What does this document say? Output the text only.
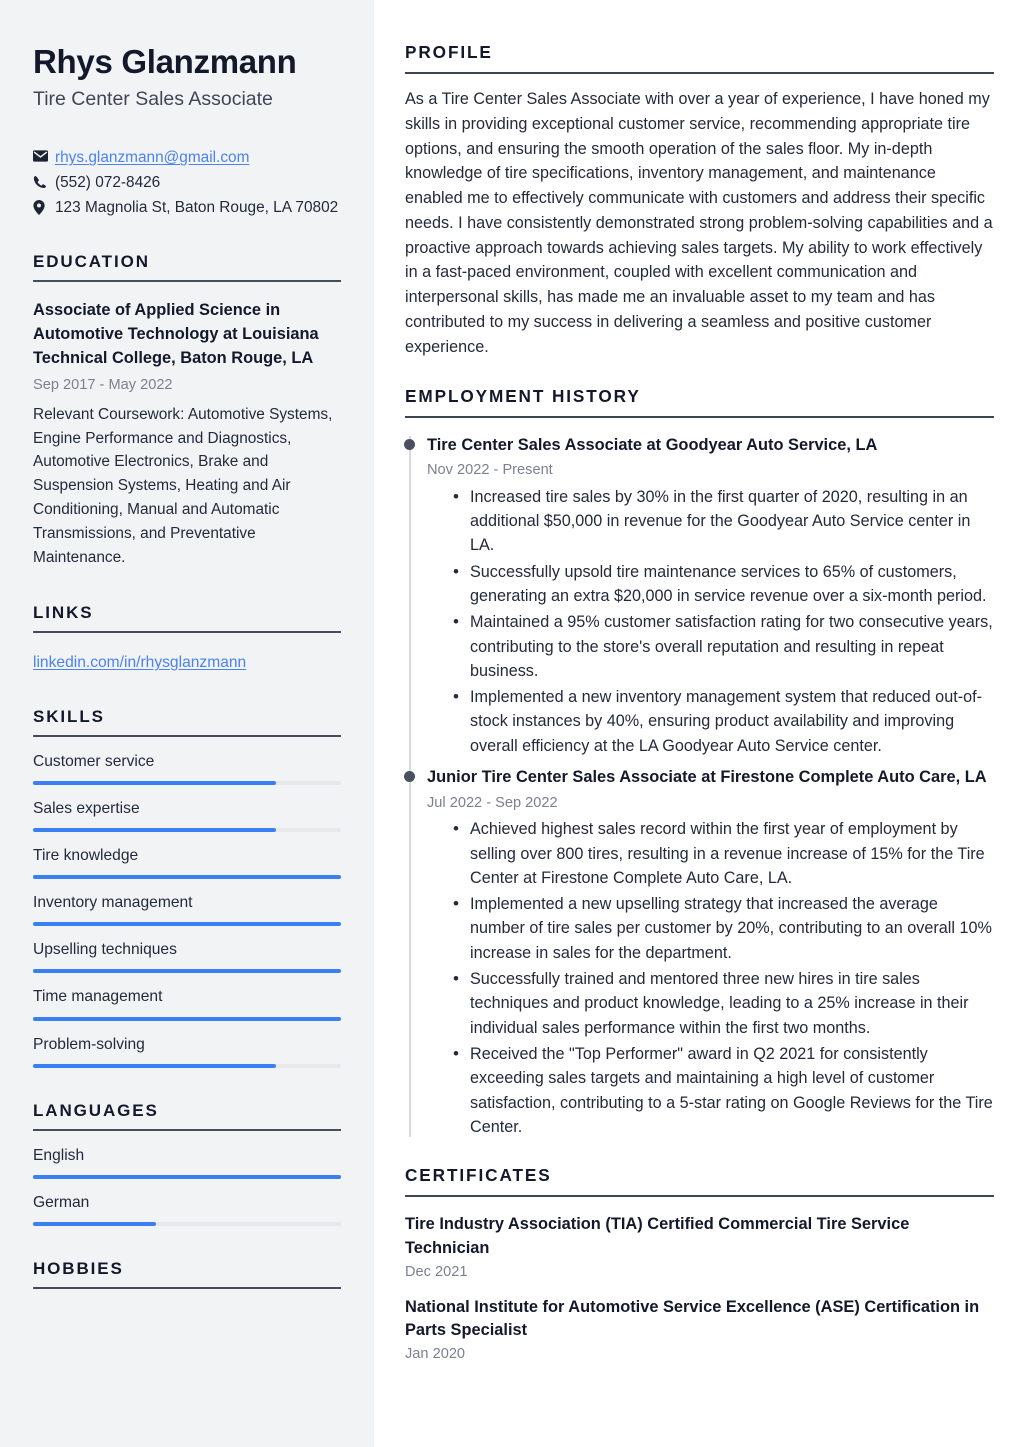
Rhys Glanzmann
Tire Center Sales Associate
rhys.glanzmann@gmail.com
(552) 072-8426
123 Magnolia St, Baton Rouge, LA 70802
EDUCATION
Associate of Applied Science in Automotive Technology at Louisiana Technical College, Baton Rouge, LA
Sep 2017 - May 2022
Relevant Coursework: Automotive Systems, Engine Performance and Diagnostics, Automotive Electronics, Brake and Suspension Systems, Heating and Air Conditioning, Manual and Automatic Transmissions, and Preventative Maintenance.
LINKS
linkedin.com/in/rhysglanzmann
SKILLS
Customer service
Sales expertise
Tire knowledge
Inventory management
Upselling techniques
Time management
Problem-solving
LANGUAGES
English
German
HOBBIES
PROFILE

As a Tire Center Sales Associate with over a year of experience, I have honed my skills in providing exceptional customer service, recommending appropriate tire options, and ensuring the smooth operation of the sales floor. My in-depth knowledge of tire specifications, inventory management, and maintenance enabled me to effectively communicate with customers and address their specific needs. I have consistently demonstrated strong problem-solving capabilities and a proactive approach towards achieving sales targets. My ability to work effectively in a fast-paced environment, coupled with excellent communication and interpersonal skills, has made me an invaluable asset to my team and has contributed to my success in delivering a seamless and positive customer experience.

EMPLOYMENT HISTORY
Tire Center Sales Associate at Goodyear Auto Service, LA
Nov 2022 - Present
• Increased tire sales by 30% in the first quarter of 2020, resulting in an additional $50,000 in revenue for the Goodyear Auto Service center in LA.
• Successfully upsold tire maintenance services to 65% of customers, generating an extra $20,000 in service revenue over a six-month period.
• Maintained a 95% customer satisfaction rating for two consecutive years, contributing to the store's overall reputation and resulting in repeat business.
• Implemented a new inventory management system that reduced out-of-stock instances by 40%, ensuring product availability and improving overall efficiency at the LA Goodyear Auto Service center.
Junior Tire Center Sales Associate at Firestone Complete Auto Care, LA
Jul 2022 - Sep 2022
• Achieved highest sales record within the first year of employment by selling over 800 tires, resulting in a revenue increase of 15% for the Tire Center at Firestone Complete Auto Care, LA.
• Implemented a new upselling strategy that increased the average number of tire sales per customer by 20%, contributing to an overall 10% increase in sales for the department.
• Successfully trained and mentored three new hires in tire sales techniques and product knowledge, leading to a 25% increase in their individual sales performance within the first two months.
• Received the "Top Performer" award in Q2 2021 for consistently exceeding sales targets and maintaining a high level of customer satisfaction, contributing to a 5-star rating on Google Reviews for the Tire Center.
CERTIFICATES
Tire Industry Association (TIA) Certified Commercial Tire Service Technician
Dec 2021
National Institute for Automotive Service Excellence (ASE) Certification in Parts Specialist
Jan 2020
